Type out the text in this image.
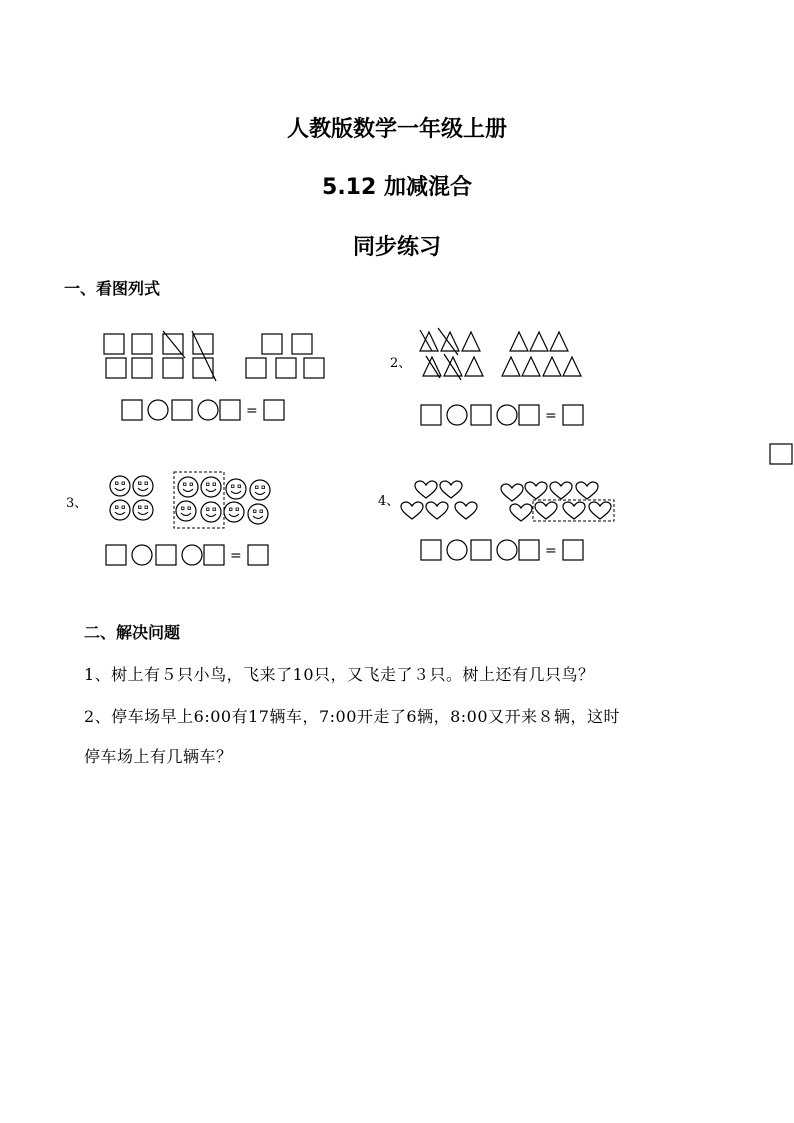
人教版数学一年级上册
5.12 加减混合
同步练习
一、看图列式
2、
3、	4、
=	=
=	=
二、解决问题
1、树上有５只小鸟，飞来了10只，又飞走了３只。树上还有几只鸟？
2、停车场早上6:00有17辆车，7:00开走了6辆，8:00又开来８辆，这时
停车场上有几辆车？
